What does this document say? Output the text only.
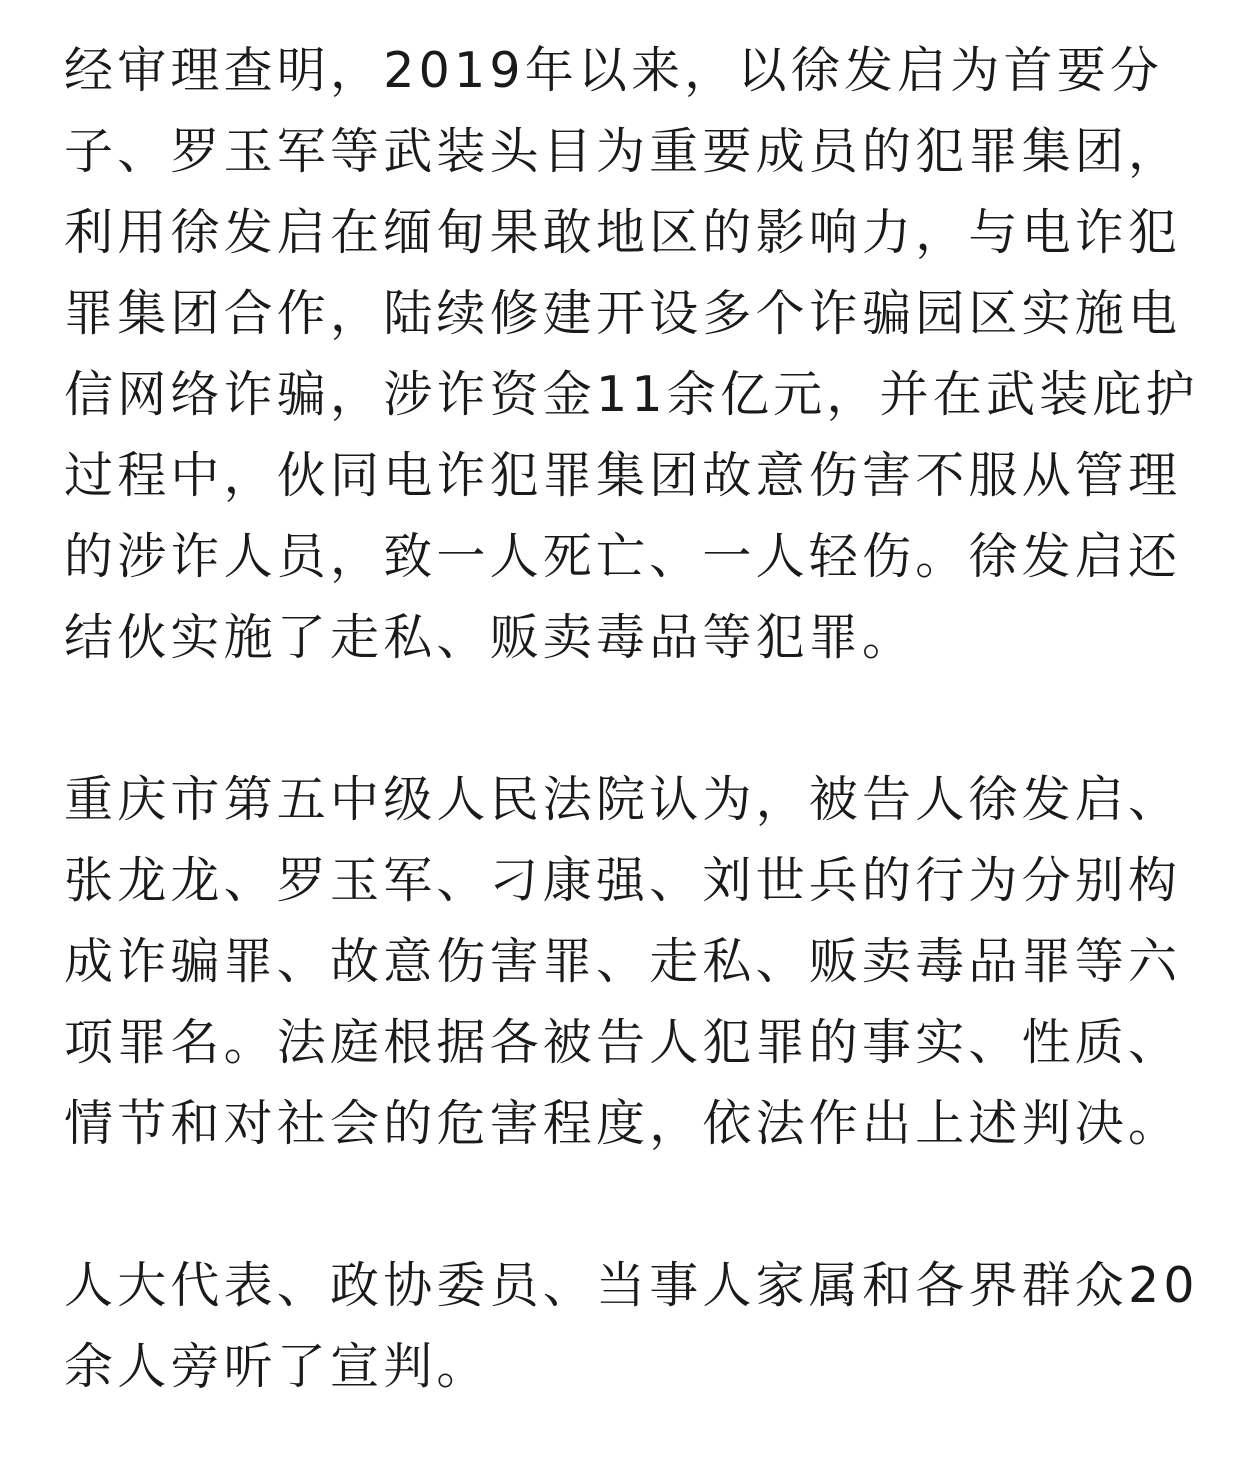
经审理查明，2019年以来，以徐发启为首要分
子、罗玉军等武装头目为重要成员的犯罪集团，
利用徐发启在缅甸果敢地区的影响力，与电诈犯
罪集团合作，陆续修建开设多个诈骗园区实施电
信网络诈骗，涉诈资金11余亿元，并在武装庇护
过程中，伙同电诈犯罪集团故意伤害不服从管理
的涉诈人员，致一人死亡、一人轻伤。徐发启还
结伙实施了走私、贩卖毒品等犯罪。

重庆市第五中级人民法院认为，被告人徐发启、
张龙龙、罗玉军、刁康强、刘世兵的行为分别构
成诈骗罪、故意伤害罪、走私、贩卖毒品罪等六
项罪名。法庭根据各被告人犯罪的事实、性质、
情节和对社会的危害程度，依法作出上述判决。

人大代表、政协委员、当事人家属和各界群众20
余人旁听了宣判。
